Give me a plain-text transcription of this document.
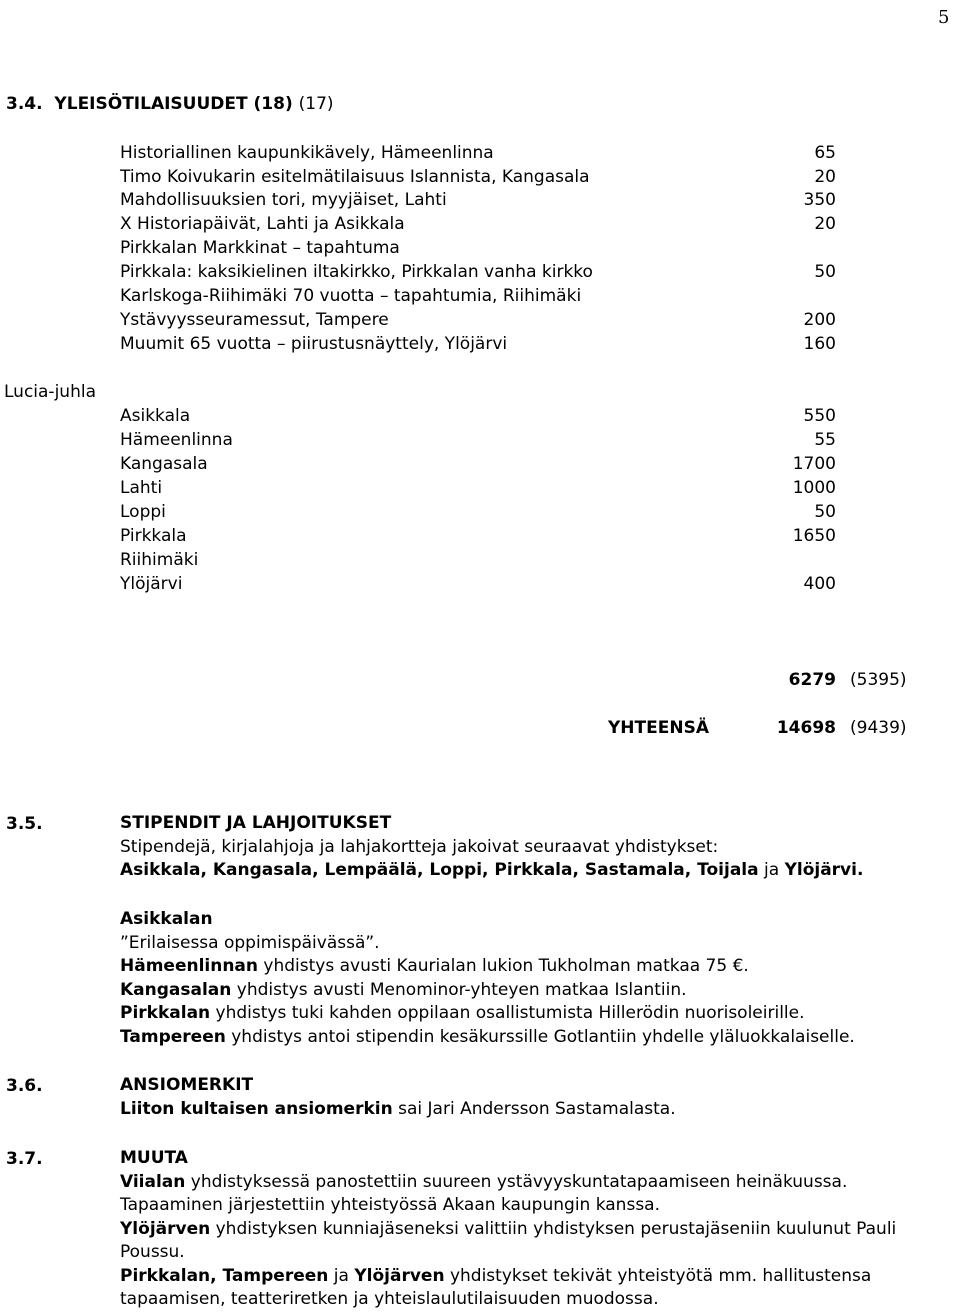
5
3.4. YLEISÖTILAISUUDET (18) (17)
Historiallinen kaupunkikävely, Hämeenlinna	65
Timo Koivukarin esitelmätilaisuus Islannista, Kangasala	20
Mahdollisuuksien tori, myyjäiset, Lahti	350
X Historiapäivät, Lahti ja Asikkala	20
Pirkkalan Markkinat – tapahtuma
Pirkkala: kaksikielinen iltakirkko, Pirkkalan vanha kirkko	50
Karlskoga-Riihimäki 70 vuotta – tapahtumia, Riihimäki
Ystävyysseuramessut, Tampere	200
Muumit 65 vuotta – piirustusnäyttely, Ylöjärvi	160
Lucia-juhla
Asikkala	550
Hämeenlinna	55
Kangasala	1700
Lahti	1000
Loppi	50
Pirkkala	1650
Riihimäki
Ylöjärvi	400
6279 (5395)
YHTEENSÄ	14698 (9439)
3.5.	STIPENDIT JA LAHJOITUKSET
Stipendejä, kirjalahjoja ja lahjakortteja jakoivat seuraavat yhdistykset:
Asikkala, Kangasala, Lempäälä, Loppi, Pirkkala, Sastamala, Toijala ja Ylöjärvi.
Asikkalan
”Erilaisessa oppimispäivässä”.
Hämeenlinnan yhdistys avusti Kaurialan lukion Tukholman matkaa 75 €.
Kangasalan yhdistys avusti Menominor-yhteyen matkaa Islantiin.
Pirkkalan yhdistys tuki kahden oppilaan osallistumista Hillerödin nuorisoleirille.
Tampereen yhdistys antoi stipendin kesäkurssille Gotlantiin yhdelle yläluokkalaiselle.
3.6.	ANSIOMERKIT
Liiton kultaisen ansiomerkin sai Jari Andersson Sastamalasta.
3.7.	MUUTA
Viialan yhdistyksessä panostettiin suureen ystävyyskuntatapaamiseen heinäkuussa.
Tapaaminen järjestettiin yhteistyössä Akaan kaupungin kanssa.
Ylöjärven yhdistyksen kunniajäseneksi valittiin yhdistyksen perustajäseniin kuulunut Pauli
Poussu.
Pirkkalan, Tampereen ja Ylöjärven yhdistykset tekivät yhteistyötä mm. hallitustensa
tapaamisen, teatteriretken ja yhteislaulutilaisuuden muodossa.
